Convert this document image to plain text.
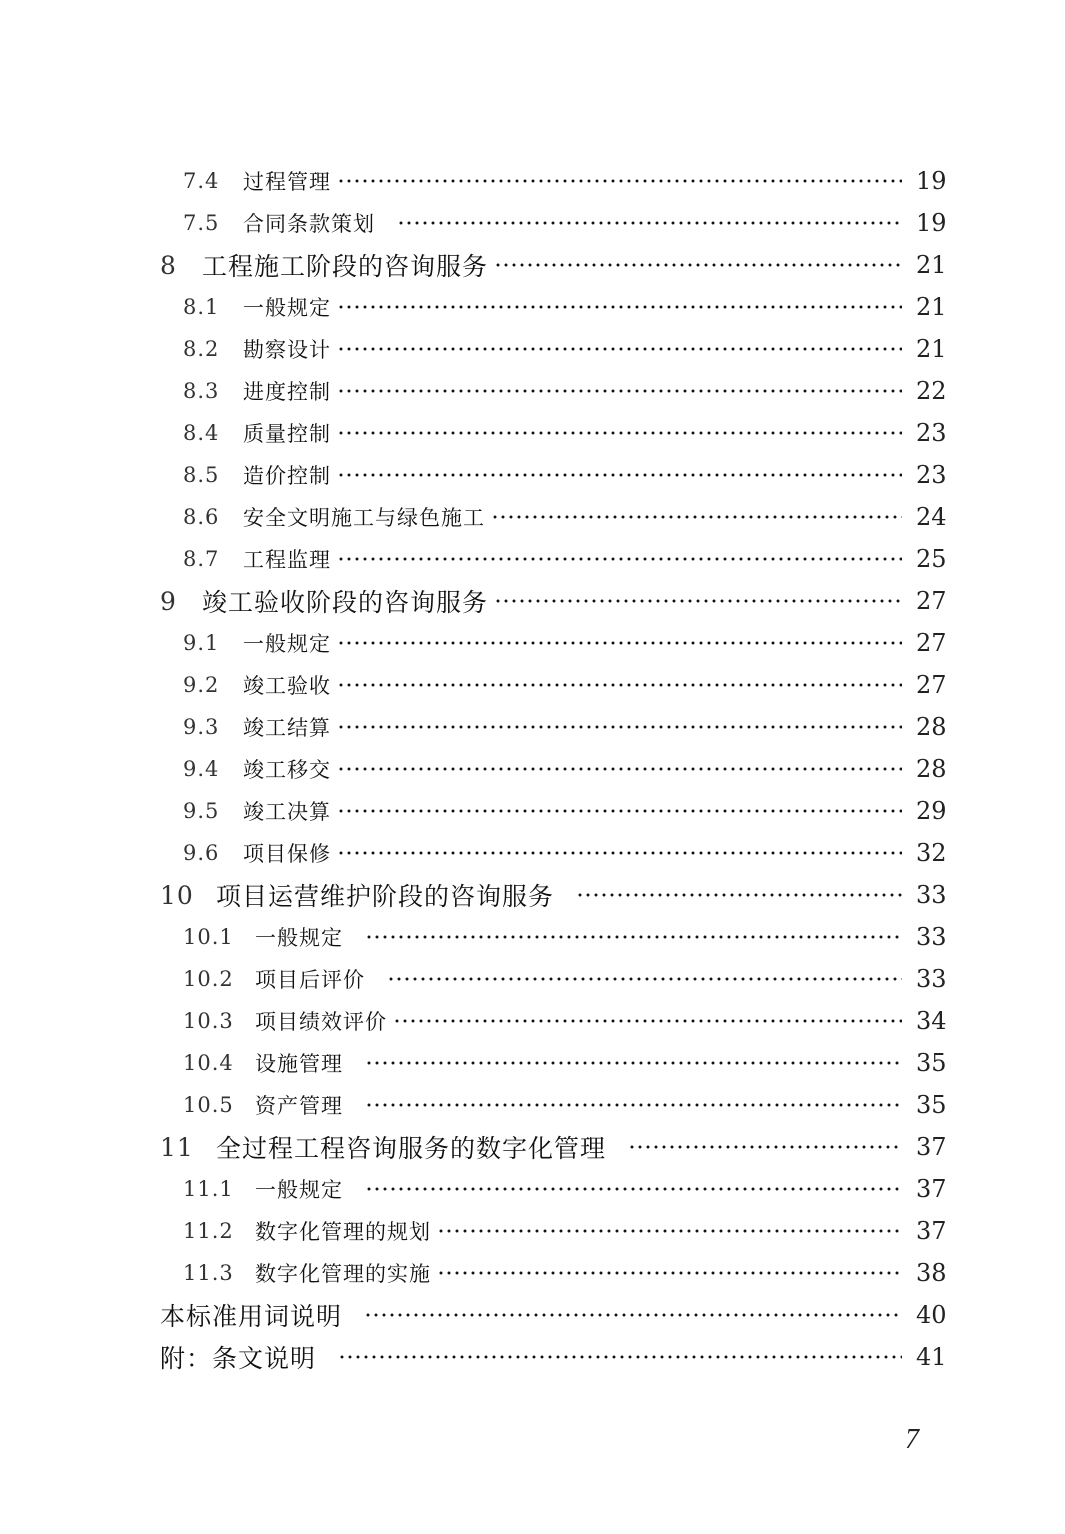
7.4	过程管理	19
7.5	合同条款策划	19
8	工程施工阶段的咨询服务	21
8.1	一般规定	21
8.2	勘察设计	21
8.3	进度控制	22
8.4	质量控制	23
8.5	造价控制	23
8.6	安全文明施工与绿色施工	24
8.7	工程监理	25
9	竣工验收阶段的咨询服务	27
9.1	一般规定	27
9.2	竣工验收	27
9.3	竣工结算	28
9.4	竣工移交	28
9.5	竣工决算	29
9.6	项目保修	32
10 项目运营维护阶段的咨询服务	33
10.1	一般规定	33
10.2	项目后评价	33
10.3	项目绩效评价	34
10.4	设施管理	35
10.5	资产管理	35
11 全过程工程咨询服务的数字化管理	37
11.1	一般规定	37
11.2	数字化管理的规划	37
11.3	数字化管理的实施	38
本标准用词说明	40
附：条文说明	41
7
